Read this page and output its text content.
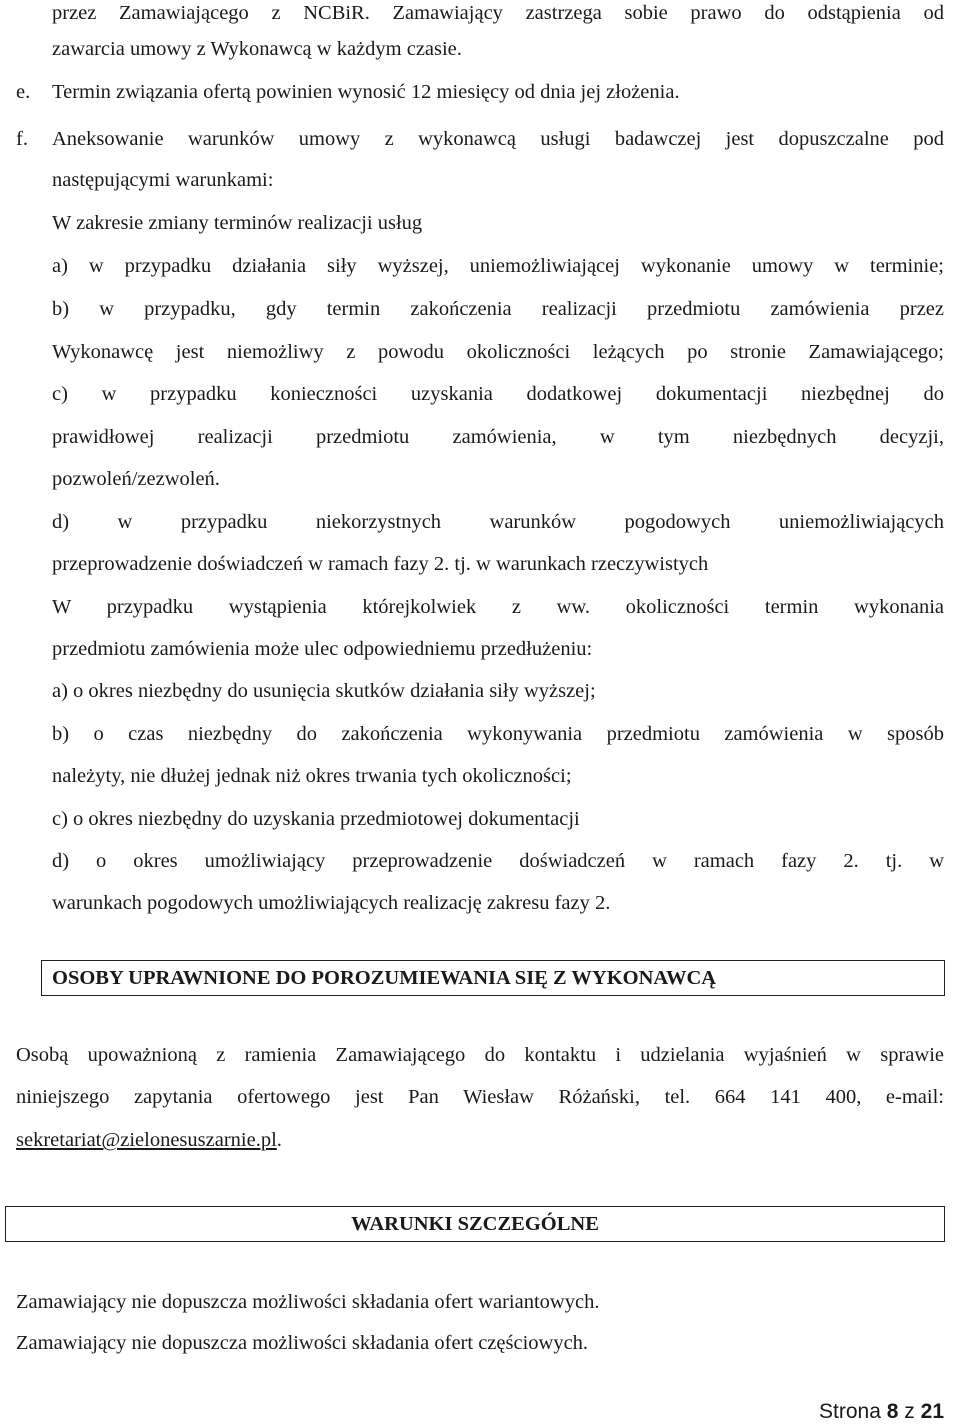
przez Zamawiającego z NCBiR. Zamawiający zastrzega sobie prawo do odstąpienia od
zawarcia umowy z Wykonawcą w każdym czasie.
e. Termin związania ofertą powinien wynosić 12 miesięcy od dnia jej złożenia.
f.	Aneksowanie warunków umowy z wykonawcą usługi badawczej jest dopuszczalne pod
następującymi warunkami:
W zakresie zmiany terminów realizacji usług
a) w przypadku działania siły wyższej, uniemożliwiającej wykonanie umowy w terminie;
b) w przypadku, gdy termin zakończenia realizacji przedmiotu zamówienia przez
Wykonawcę jest niemożliwy z powodu okoliczności leżących po stronie Zamawiającego;
c) w przypadku konieczności uzyskania dodatkowej dokumentacji niezbędnej do
prawidłowej realizacji przedmiotu zamówienia, w tym niezbędnych decyzji,
pozwoleń/zezwoleń.
d) w przypadku niekorzystnych warunków pogodowych uniemożliwiających
przeprowadzenie doświadczeń w ramach fazy 2. tj. w warunkach rzeczywistych
W przypadku wystąpienia którejkolwiek z ww. okoliczności termin wykonania
przedmiotu zamówienia może ulec odpowiedniemu przedłużeniu:
a) o okres niezbędny do usunięcia skutków działania siły wyższej;
b) o czas niezbędny do zakończenia wykonywania przedmiotu zamówienia w sposób
należyty, nie dłużej jednak niż okres trwania tych okoliczności;
c) o okres niezbędny do uzyskania przedmiotowej dokumentacji
d) o okres umożliwiający przeprowadzenie doświadczeń w ramach fazy 2. tj. w
warunkach pogodowych umożliwiających realizację zakresu fazy 2.
OSOBY UPRAWNIONE DO POROZUMIEWANIA SIĘ Z WYKONAWCĄ
Osobą upoważnioną z ramienia Zamawiającego do kontaktu i udzielania wyjaśnień w sprawie
niniejszego zapytania ofertowego jest Pan Wiesław Różański, tel. 664 141 400, e-mail:
sekretariat@zielonesuszarnie.pl.
WARUNKI SZCZEGÓLNE
Zamawiający nie dopuszcza możliwości składania ofert wariantowych.
Zamawiający nie dopuszcza możliwości składania ofert częściowych.
Strona 8 z 21
